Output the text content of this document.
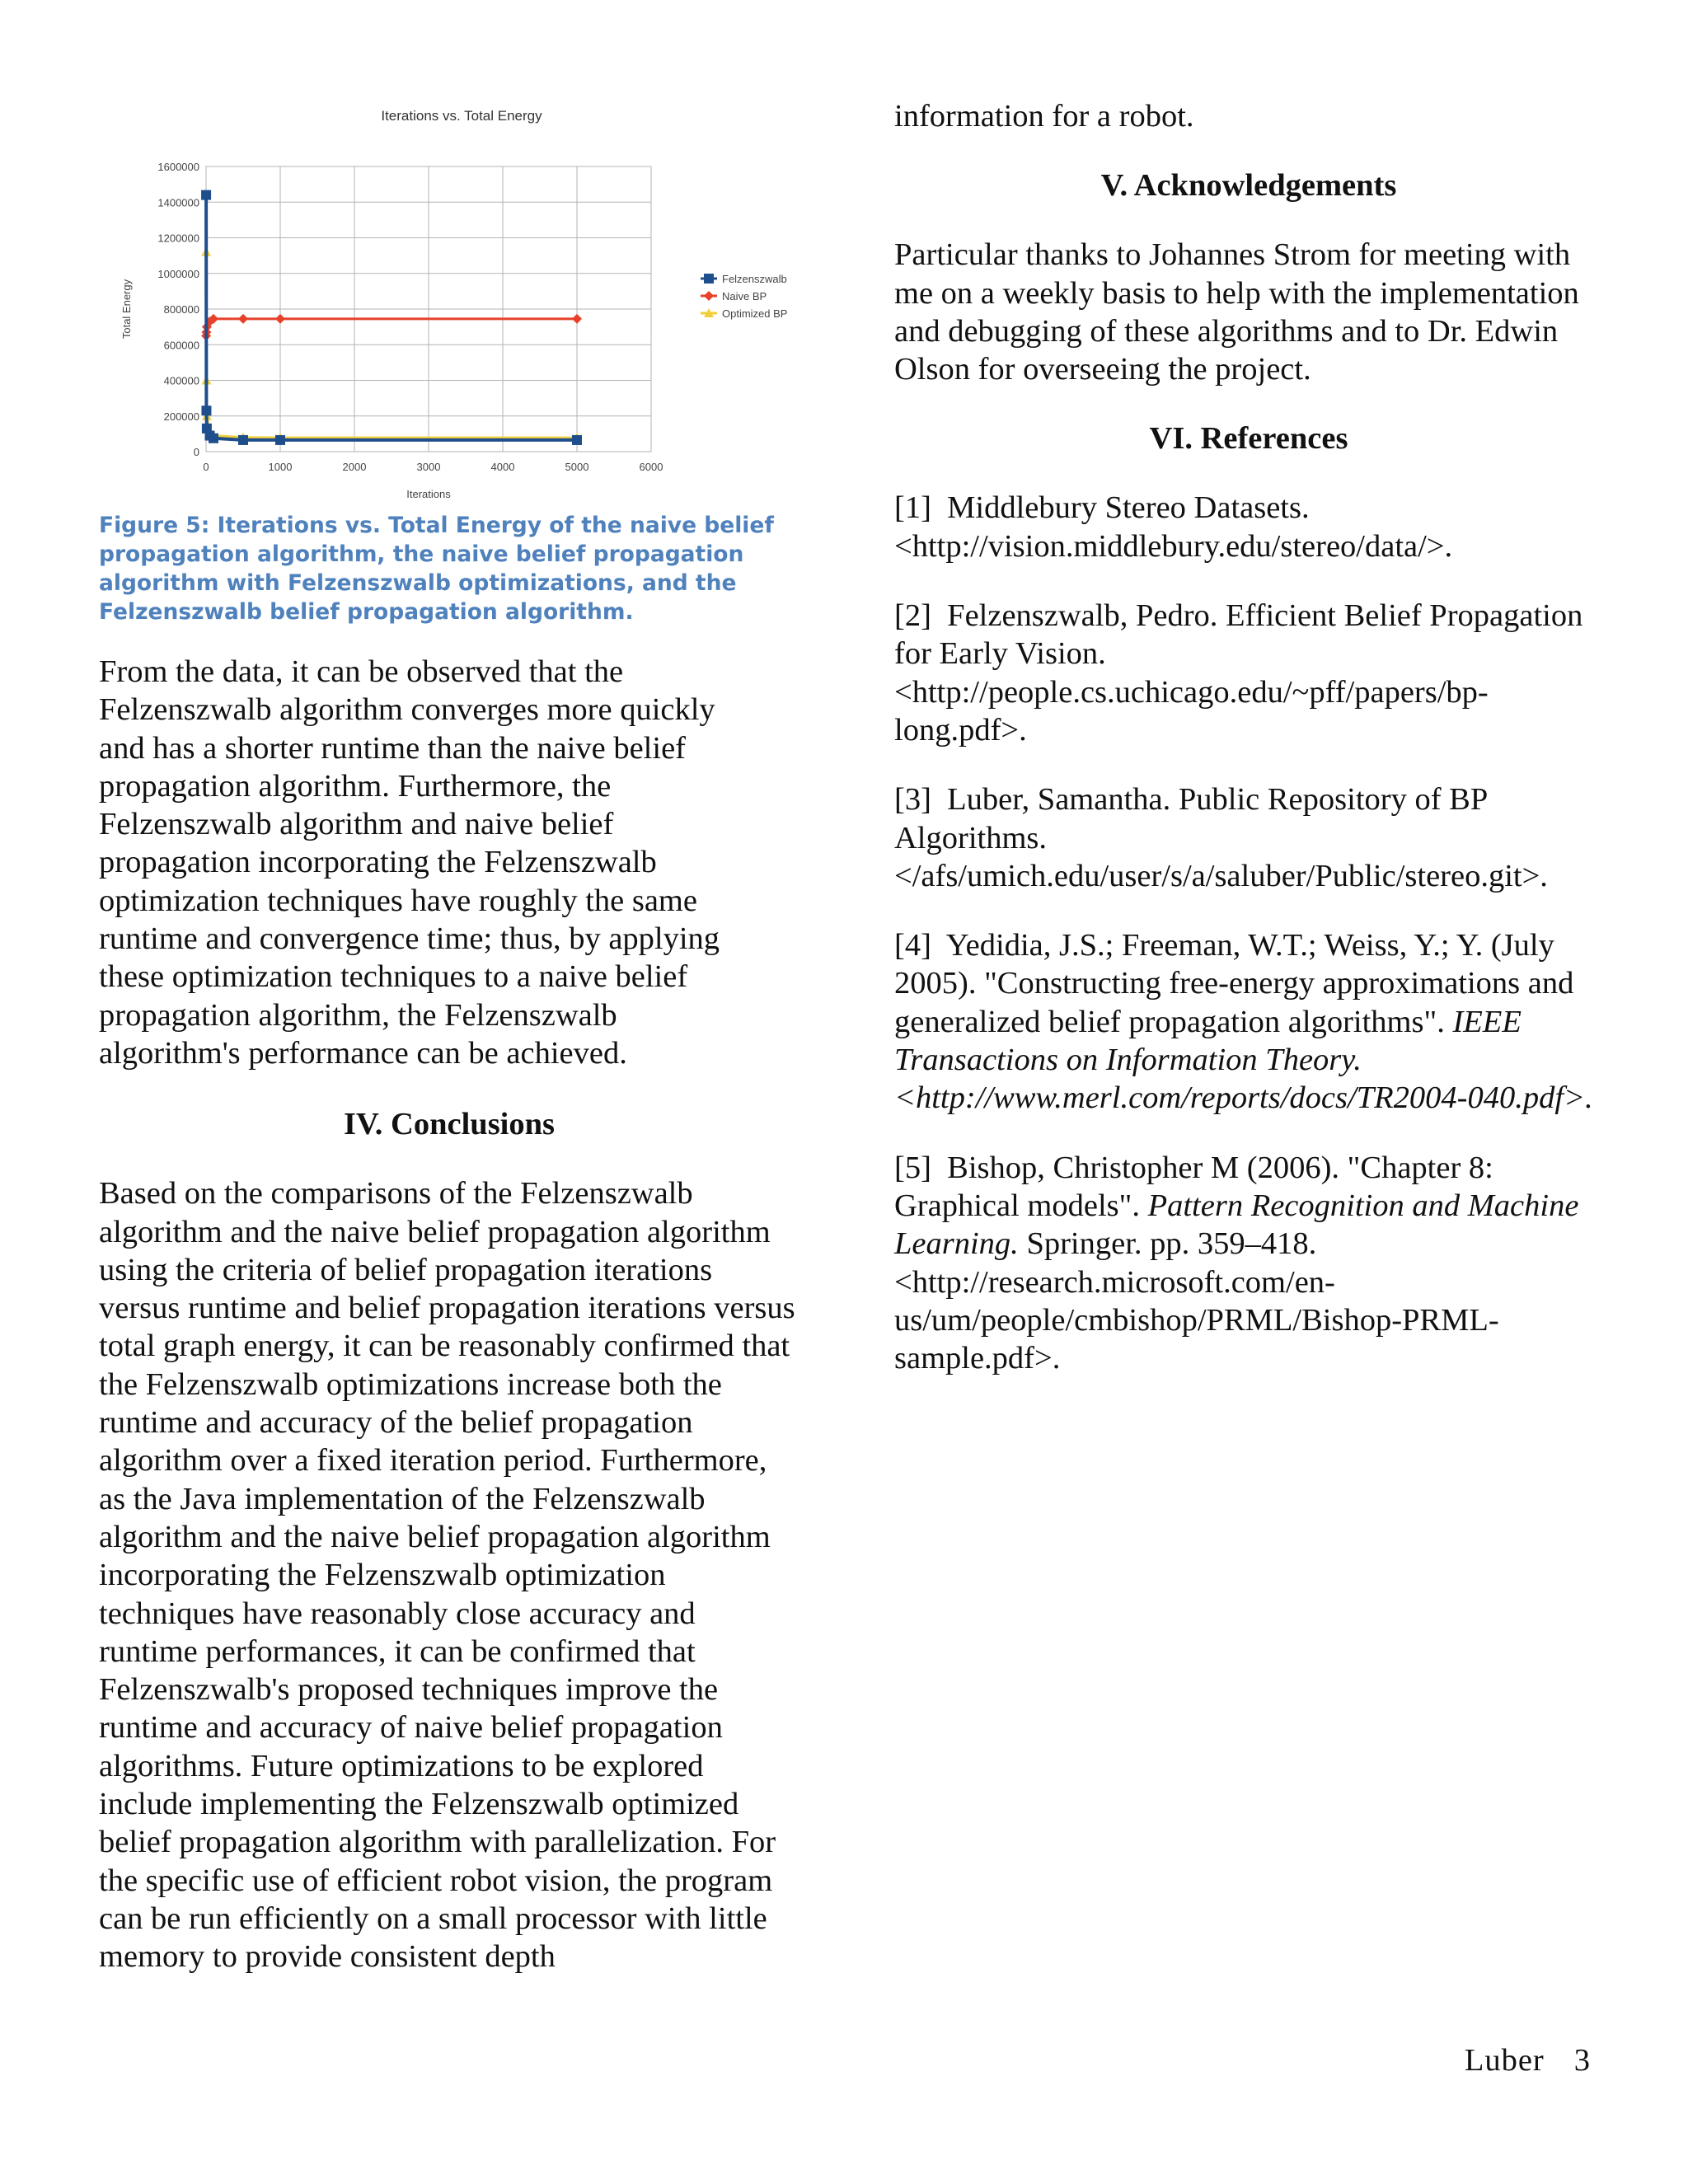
Iterations vs. Total Energy
0
200000
400000
600000
800000
1000000
1200000
1400000
1600000
0	1000	2000	3000	4000	5000	6000
Iterations
Total Energy
Felzenszwalb
Naive BP
Optimized BP

Figure 5: Iterations vs. Total Energy of the naive belief propagation algorithm, the naive belief propagation algorithm with Felzenszwalb optimizations, and the Felzenszwalb belief propagation algorithm.

From the data, it can be observed that the Felzenszwalb algorithm converges more quickly and has a shorter runtime than the naive belief propagation algorithm. Furthermore, the Felzenszwalb algorithm and naive belief propagation incorporating the Felzenszwalb optimization techniques have roughly the same runtime and convergence time; thus, by applying these optimization techniques to a naive belief propagation algorithm, the Felzenszwalb algorithm's performance can be achieved.

IV. Conclusions

Based on the comparisons of the Felzenszwalb algorithm and the naive belief propagation algorithm using the criteria of belief propagation iterations versus runtime and belief propagation iterations versus total graph energy, it can be reasonably confirmed that the Felzenszwalb optimizations increase both the runtime and accuracy of the belief propagation algorithm over a fixed iteration period. Furthermore, as the Java implementation of the Felzenszwalb algorithm and the naive belief propagation algorithm incorporating the Felzenszwalb optimization techniques have reasonably close accuracy and runtime performances, it can be confirmed that Felzenszwalb's proposed techniques improve the runtime and accuracy of naive belief propagation algorithms. Future optimizations to be explored include implementing the Felzenszwalb optimized belief propagation algorithm with parallelization. For the specific use of efficient robot vision, the program can be run efficiently on a small processor with little memory to provide consistent depth

information for a robot.

V. Acknowledgements

Particular thanks to Johannes Strom for meeting with me on a weekly basis to help with the implementation and debugging of these algorithms and to Dr. Edwin Olson for overseeing the project.

VI. References

[1] Middlebury Stereo Datasets.
<http://vision.middlebury.edu/stereo/data/>.
[2] Felzenszwalb, Pedro. Efficient Belief Propagation for Early Vision.
<http://people.cs.uchicago.edu/~pff/papers/bp-long.pdf>.
[3] Luber, Samantha. Public Repository of BP Algorithms.
</afs/umich.edu/user/s/a/saluber/Public/stereo.git>.
[4] Yedidia, J.S.; Freeman, W.T.; Weiss, Y.; Y. (July 2005). "Constructing free-energy approximations and generalized belief propagation algorithms". IEEE Transactions on Information Theory.
<http://www.merl.com/reports/docs/TR2004-040.pdf>.
[5] Bishop, Christopher M (2006). "Chapter 8: Graphical models". Pattern Recognition and Machine Learning. Springer. pp. 359–418.
<http://research.microsoft.com/en-us/um/people/cmbishop/PRML/Bishop-PRML-sample.pdf>.
Luber 3
